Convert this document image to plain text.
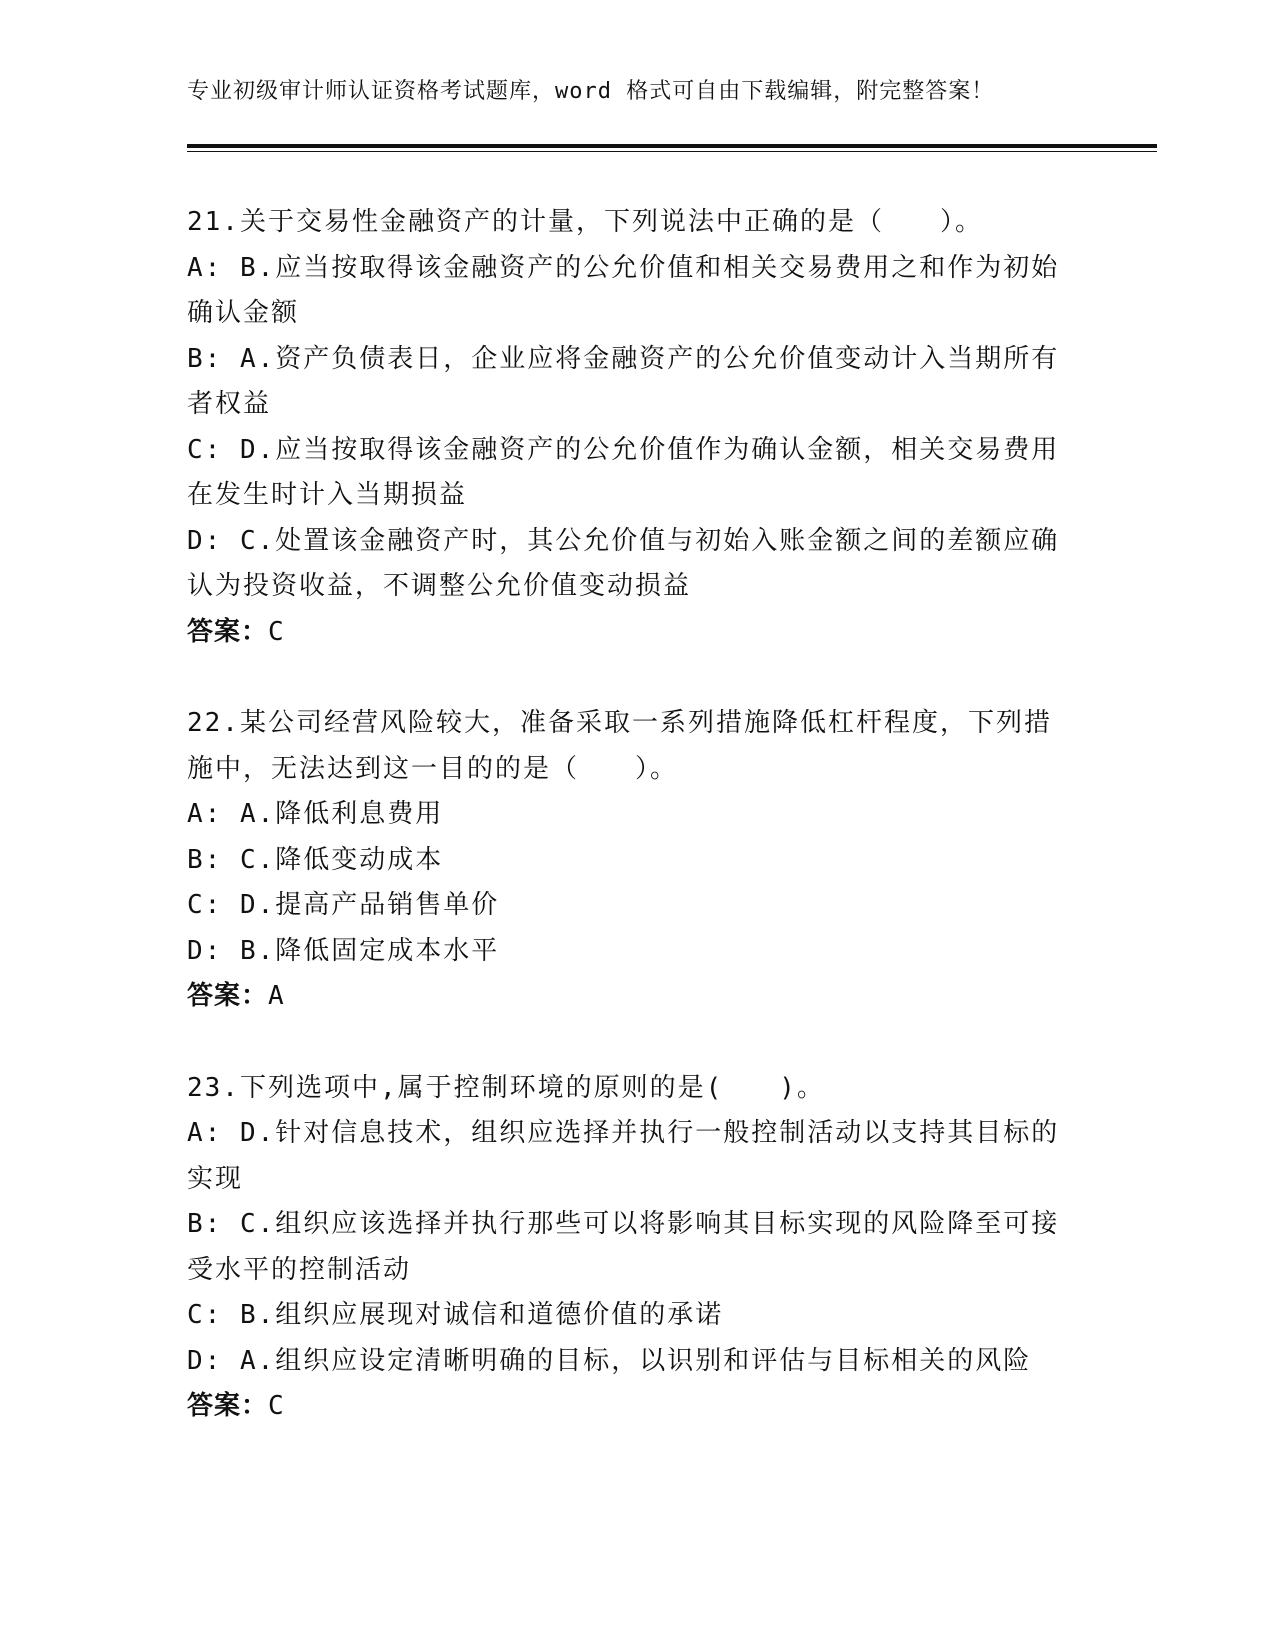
专业初级审计师认证资格考试题库，word 格式可自由下载编辑，附完整答案！
21.关于交易性金融资产的计量，下列说法中正确的是（　　）。
A: B.应当按取得该金融资产的公允价值和相关交易费用之和作为初始确认金额
B: A.资产负债表日，企业应将金融资产的公允价值变动计入当期所有者权益
C: D.应当按取得该金融资产的公允价值作为确认金额，相关交易费用在发生时计入当期损益
D: C.处置该金融资产时，其公允价值与初始入账金额之间的差额应确认为投资收益，不调整公允价值变动损益
答案：C
22.某公司经营风险较大，准备采取一系列措施降低杠杆程度，下列措施中，无法达到这一目的的是（　　）。
A: A.降低利息费用
B: C.降低变动成本
C: D.提高产品销售单价
D: B.降低固定成本水平
答案：A
23.下列选项中,属于控制环境的原则的是(　　)。
A: D.针对信息技术，组织应选择并执行一般控制活动以支持其目标的实现
B: C.组织应该选择并执行那些可以将影响其目标实现的风险降至可接受水平的控制活动
C: B.组织应展现对诚信和道德价值的承诺
D: A.组织应设定清晰明确的目标，以识别和评估与目标相关的风险
答案：C
